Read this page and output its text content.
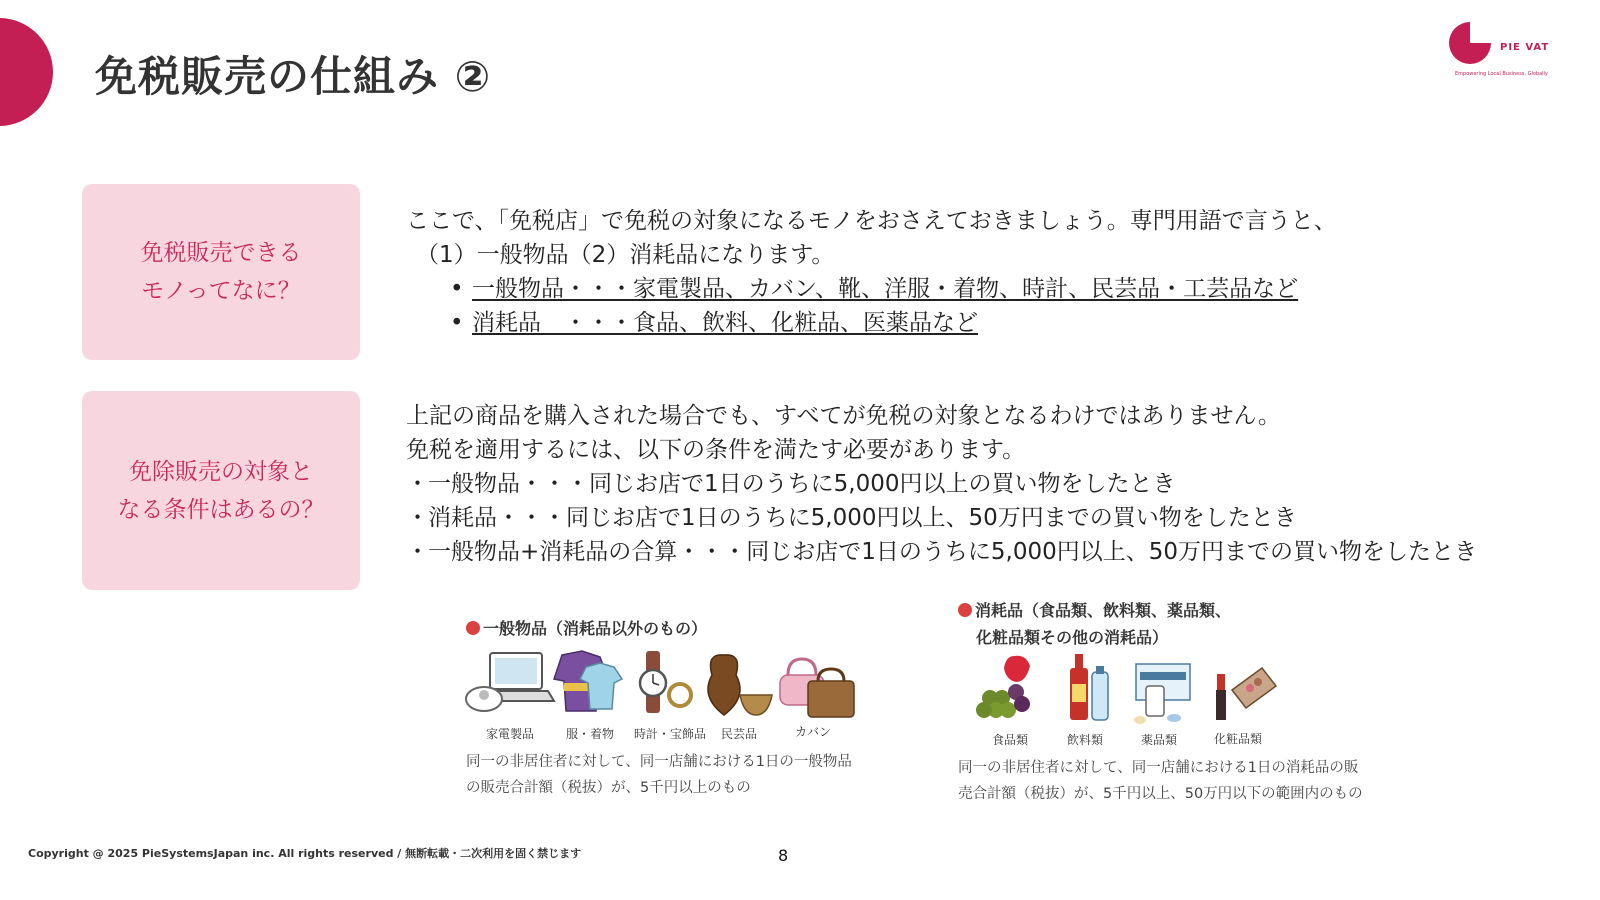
免税販売の仕組み ②
PIE VAT
Empowering Local Business, Globally
免税販売できる
モノってなに？
ここで、「免税店」で免税の対象になるモノをおさえておきましょう。専門用語で言うと、
（1）一般物品（2）消耗品になります。
• 一般物品・・・家電製品、カバン、靴、洋服・着物、時計、民芸品・工芸品など
• 消耗品　・・・食品、飲料、化粧品、医薬品など
免除販売の対象と
なる条件はあるの？
上記の商品を購入された場合でも、すべてが免税の対象となるわけではありません。
免税を適用するには、以下の条件を満たす必要があります。
・一般物品・・・同じお店で1日のうちに5,000円以上の買い物をしたとき
・消耗品・・・同じお店で1日のうちに5,000円以上、50万円までの買い物をしたとき
・一般物品+消耗品の合算・・・同じお店で1日のうちに5,000円以上、50万円までの買い物をしたとき
一般物品（消耗品以外のもの）
家電製品	服・着物 時計・宝飾品 民芸品	カバン
同一の非居住者に対して、同一店舗における1日の一般物品
の販売合計額（税抜）が、5千円以上のもの
消耗品（食品類、飲料類、薬品類、
化粧品類その他の消耗品）
食品類	飲料類	薬品類	化粧品類
同一の非居住者に対して、同一店舗における1日の消耗品の販
売合計額（税抜）が、5千円以上、50万円以下の範囲内のもの
Copyright @ 2025 PieSystemsJapan inc. All rights reserved / 無断転載・二次利用を固く禁じます	8
